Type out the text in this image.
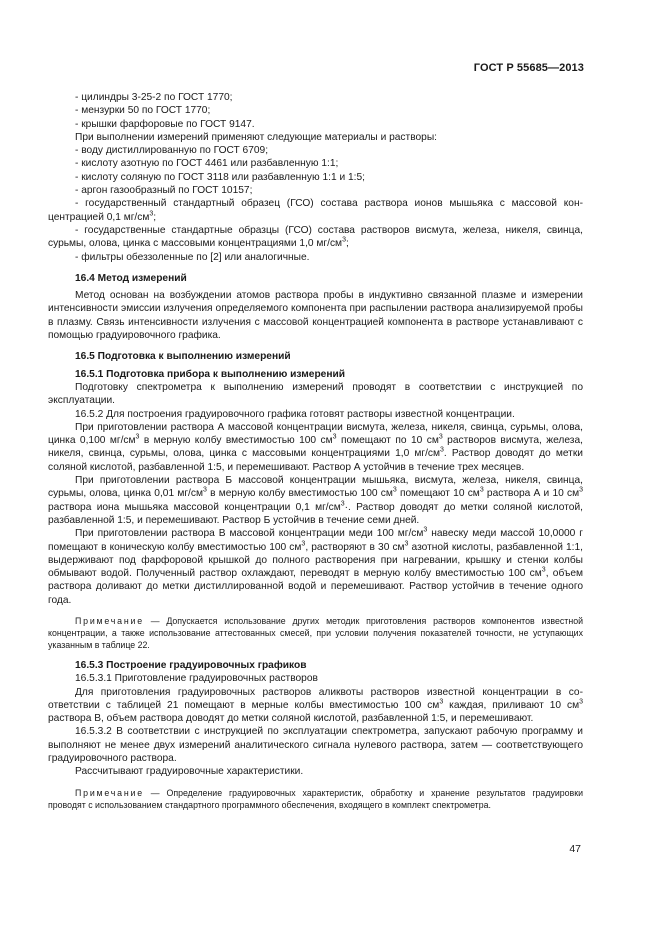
ГОСТ Р 55685—2013

- цилиндры 3-25-2 по ГОСТ 1770;

- мензурки 50 по ГОСТ 1770;

- крышки фарфоровые по ГОСТ 9147.

При выполнении измерений применяют следующие материалы и растворы:

- воду дистиллированную по ГОСТ 6709;

- кислоту азотную по ГОСТ 4461 или разбавленную 1:1;

- кислоту соляную по ГОСТ 3118 или разбавленную 1:1 и 1:5;

- аргон газообразный по ГОСТ 10157;

- государственный стандартный образец (ГСО) состава раствора ионов мышьяка с массовой концентрацией 0,1 $мг/см^3$;

- государственные стандартные образцы (ГСО) состава растворов висмута, железа, никеля, свинца, сурьмы, олова, цинка с массовыми концентрациями 1,0 $мг/см^3$;

- фильтры обеззоленные по [2] или аналогичные.

16.4 Метод измерений

Метод основан на возбуждении атомов раствора пробы в индуктивно связанной плазме и измерении интенсивности эмиссии излучения определяемого компонента при распылении раствора анализируемой пробы в плазму. Связь интенсивности излучения с массовой концентрацией компонента в растворе устанавливают с помощью градуировочного графика.

16.5 Подготовка к выполнению измерений

16.5.1 Подготовка прибора к выполнению измерений

Подготовку спектрометра к выполнению измерений проводят в соответствии с инструкцией по эксплуатации.

16.5.2 Для построения градуировочного графика готовят растворы известной концентрации.

При приготовлении раствора А массовой концентрации висмута, железа, никеля, свинца, сурьмы, олова, цинка 0,100 $мг/см^3$ в мерную колбу вместимостью 100 $см^3$ помещают по 10 $см^3$ растворов висмута, железа, никеля, свинца, сурьмы, олова, цинка с массовыми концентрациями 1,0 $мг/см^3$. Раствор доводят до метки соляной кислотой, разбавленной 1:5, и перемешивают. Раствор А устойчив в течение трех месяцев.

При приготовлении раствора Б массовой концентрации мышьяка, висмута, железа, никеля, свинца, сурьмы, олова, цинка 0,01 $мг/см^3$ в мерную колбу вместимостью 100 $см^3$ помещают 10 $см^3$ раствора А и 10 $см^3$ раствора иона мышьяка массовой концентрации 0,1 $мг/см^3\cdot$. Раствор доводят до метки соляной кислотой, разбавленной 1:5, и перемешивают. Раствор Б устойчив в течение семи дней.

При приготовлении раствора В массовой концентрации меди 100 $мг/см^3$ навеску меди массой 10,0000 г помещают в коническую колбу вместимостью 100 $см^3$, растворяют в 30 $см^3$ азотной кислоты, разбавленной 1:1, выдерживают под фарфоровой крышкой до полного растворения при нагревании, крышку и стенки колбы обмывают водой. Полученный раствор охлаждают, переводят в мерную колбу вместимостью 100 $см^3$, объем раствора доливают до метки дистиллированной водой и перемешивают. Раствор устойчив в течение одного года.

Примечание — Допускается использование других методик приготовления растворов компонентов известной концентрации, а также использование аттестованных смесей, при условии получения показателей точности, не уступающих указанным в таблице 22.

16.5.3 Построение градуировочных графиков

16.5.3.1 Приготовление градуировочных растворов

Для приготовления градуировочных растворов аликвоты растворов известной концентрации в соответствии с таблицей 21 помещают в мерные колбы вместимостью 100 $см^3$ каждая, приливают 10 $см^3$ раствора В, объем раствора доводят до метки соляной кислотой, разбавленной 1:5, и перемешивают.

16.5.3.2 В соответствии с инструкцией по эксплуатации спектрометра, запускают рабочую программу и выполняют не менее двух измерений аналитического сигнала нулевого раствора, затем — соответствующего градуировочного раствора.

Рассчитывают градуировочные характеристики.

Примечание — Определение градуировочных характеристик, обработку и хранение результатов градуировки проводят с использованием стандартного программного обеспечения, входящего в комплект спектрометра.

47
